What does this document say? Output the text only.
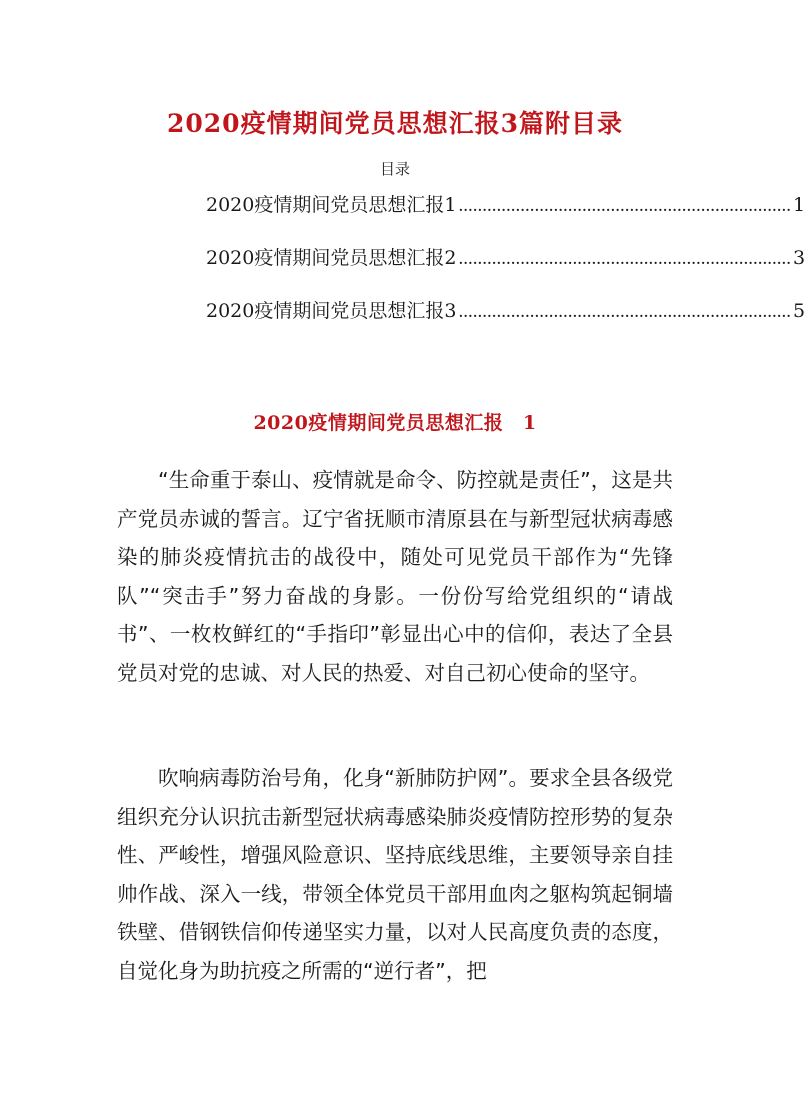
2020疫情期间党员思想汇报3篇附目录
目录
2020疫情期间党员思想汇报 1 ...................................................................... 1
2020疫情期间党员思想汇报 2 ...................................................................... 3
2020疫情期间党员思想汇报 3 ...................................................................... 5
2020疫情期间党员思想汇报　1

“生命重于泰山、疫情就是命令、防控就是责任”，这是共产党员赤诚的誓言。辽宁省抚顺市清原县在与新型冠状病毒感染的肺炎疫情抗击的战役中，随处可见党员干部作为“先锋队”“突击手”努力奋战的身影。一份份写给党组织的“请战书”、一枚枚鲜红的“手指印”彰显出心中的信仰，表达了全县党员对党的忠诚、对人民的热爱、对自己初心使命的坚守。

吹响病毒防治号角，化身“新肺防护网”。要求全县各级党组织充分认识抗击新型冠状病毒感染肺炎疫情防控形势的复杂性、严峻性，增强风险意识、坚持底线思维，主要领导亲自挂帅作战、深入一线，带领全体党员干部用血肉之躯构筑起铜墙铁壁、借钢铁信仰传递坚实力量，以对人民高度负责的态度，自觉化身为助抗疫之所需的“逆行者”，把
